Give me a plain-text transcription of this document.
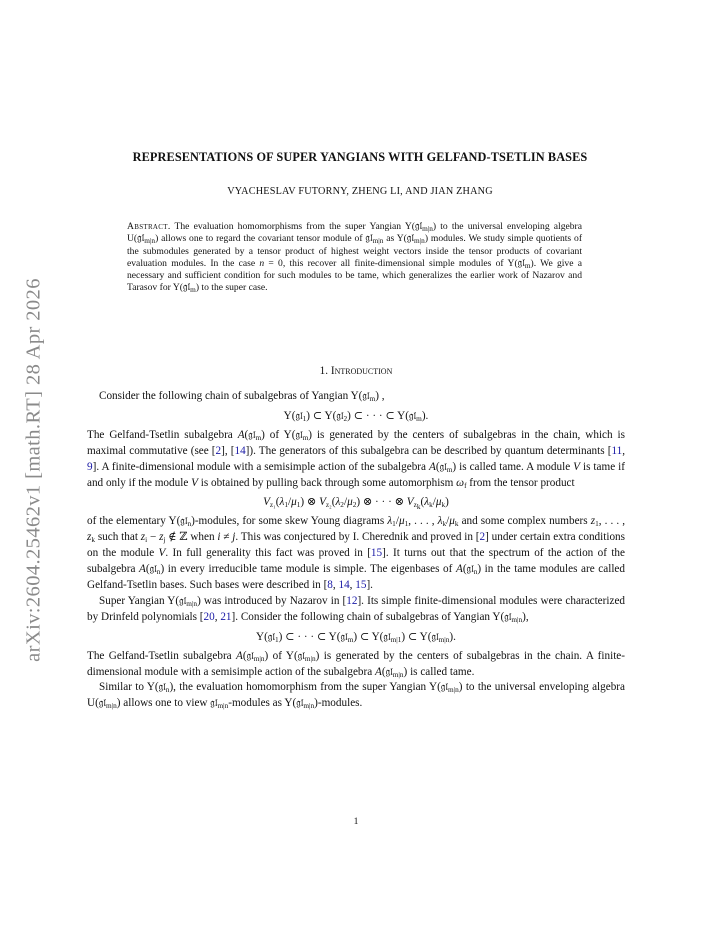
arXiv:2604.25462v1 [math.RT] 28 Apr 2026
REPRESENTATIONS OF SUPER YANGIANS WITH GELFAND-TSETLIN BASES
VYACHESLAV FUTORNY, ZHENG LI, AND JIAN ZHANG
Abstract. The evaluation homomorphisms from the super Yangian Y(𝔤𝔩$_{m|n}$) to the universal enveloping algebra U(𝔤𝔩$_{m|n}$) allows one to regard the covariant tensor module of 𝔤𝔩$_{m|n}$ as Y(𝔤𝔩$_{m|n}$) modules. We study simple quotients of the submodules generated by a tensor product of highest weight vectors inside the tensor products of covariant evaluation modules. In the case n = 0, this recover all finite-dimensional simple modules of Y(𝔤𝔩$_m$). We give a necessary and sufficient condition for such modules to be tame, which generalizes the earlier work of Nazarov and Tarasov for Y(𝔤𝔩$_m$) to the super case.
1. Introduction

Consider the following chain of subalgebras of Yangian Y(𝔤𝔩$_m$) ,

Y(𝔤𝔩$_1$) ⊂ Y(𝔤𝔩$_2$) ⊂ · · · ⊂ Y(𝔤𝔩$_m$).

The Gelfand-Tsetlin subalgebra A(𝔤𝔩$_m$) of Y(𝔤𝔩$_m$) is generated by the centers of subalgebras in the chain, which is maximal commutative (see [2], [14]). The generators of this subalgebra can be described by quantum determinants [11, 9]. A finite-dimensional module with a semisimple action of the subalgebra A(𝔤𝔩$_m$) is called tame. A module V is tame if and only if the module V is obtained by pulling back through some automorphism $\omega_f$ from the tensor product

$V_{z_1}(\lambda_1/\mu_1)$ ⊗ $V_{z_2}(\lambda_2/\mu_2)$ ⊗ · · · ⊗ $V_{z_k}(\lambda_k/\mu_k)$

of the elementary Y(𝔤𝔩$_n$)-modules, for some skew Young diagrams $\lambda_1/\mu_1$, . . . , $\lambda_k/\mu_k$ and some complex numbers $z_1$, . . . , $z_k$ such that $z_i - z_j$ ∉ ℤ when i ≠ j. This was conjectured by I. Cherednik and proved in [2] under certain extra conditions on the module V. In full generality this fact was proved in [15]. It turns out that the spectrum of the action of the subalgebra A(𝔤𝔩$_n$) in every irreducible tame module is simple. The eigenbases of A(𝔤𝔩$_n$) in the tame modules are called Gelfand-Tsetlin bases. Such bases were described in [8, 14, 15].

Super Yangian Y(𝔤𝔩$_{m|n}$) was introduced by Nazarov in [12]. Its simple finite-dimensional modules were characterized by Drinfeld polynomials [20, 21]. Consider the following chain of subalgebras of Yangian Y(𝔤𝔩$_{m|n}$),

Y(𝔤𝔩$_1$) ⊂ · · · ⊂ Y(𝔤𝔩$_m$) ⊂ Y(𝔤𝔩$_{m|1}$) ⊂ Y(𝔤𝔩$_{m|n}$).

The Gelfand-Tsetlin subalgebra A(𝔤𝔩$_{m|n}$) of Y(𝔤𝔩$_{m|n}$) is generated by the centers of subalgebras in the chain. A finite-dimensional module with a semisimple action of the subalgebra A(𝔤𝔩$_{m|n}$) is called tame.

Similar to Y(𝔤𝔩$_n$), the evaluation homomorphism from the super Yangian Y(𝔤𝔩$_{m|n}$) to the universal enveloping algebra U(𝔤𝔩$_{m|n}$) allows one to view 𝔤𝔩$_{m|n}$-modules as Y(𝔤𝔩$_{m|n}$)-modules.

1
